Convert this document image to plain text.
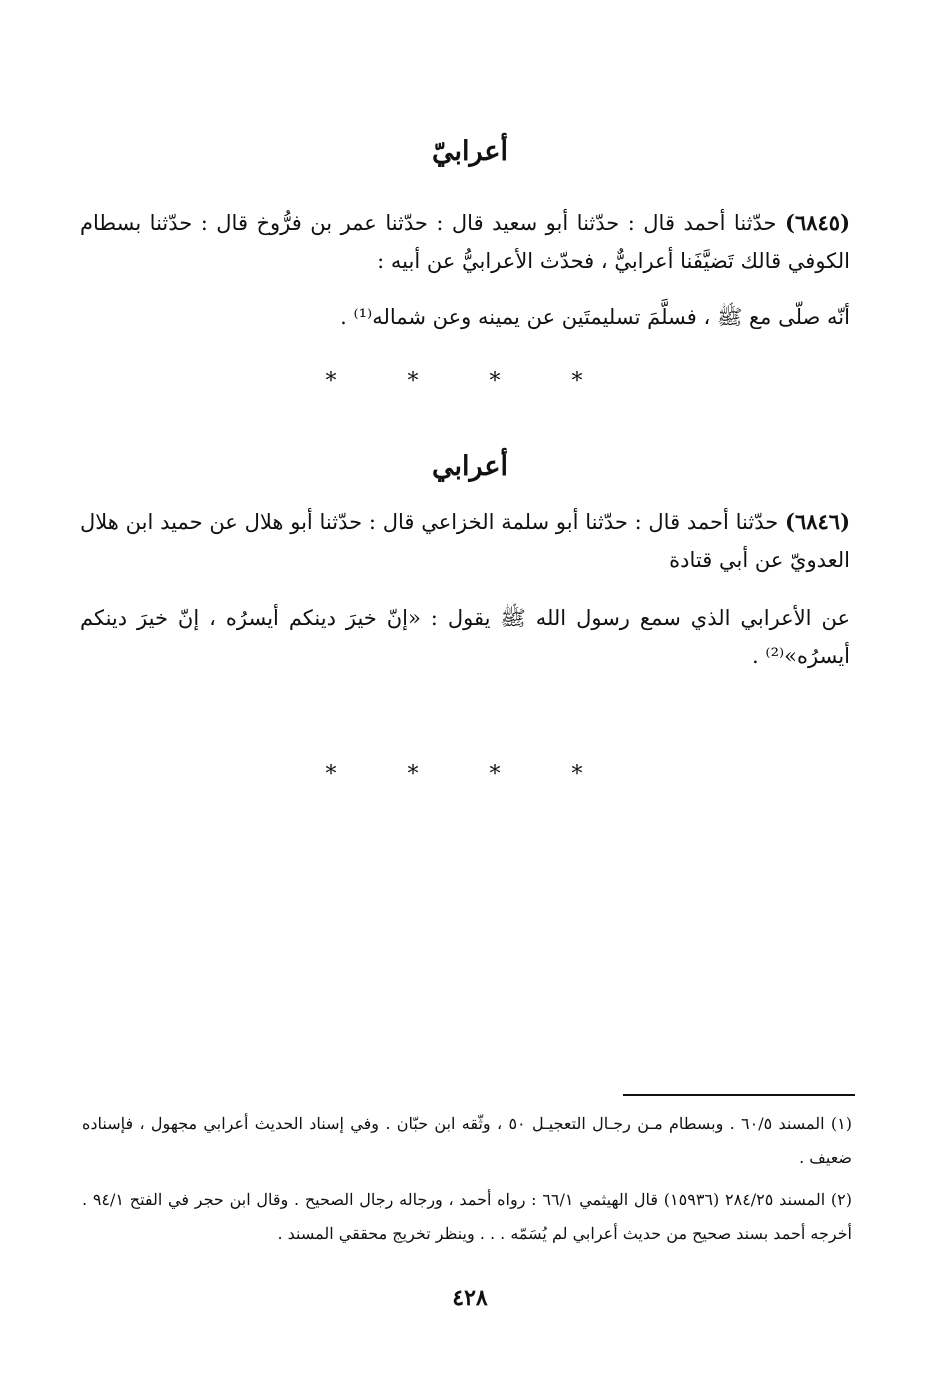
أعرابيّ
(٦٨٤٥) حدّثنا أحمد قال : حدّثنا أبو سعيد قال : حدّثنا عمر بن فرُّوخ قال : حدّثنا بسطام الكوفي قالك تَضيَّفَنا أعرابيٌّ ، فحدّث الأعرابيُّ عن أبيه :
أنّه صلّى مع ﷺ ، فسلَّمَ تسليمتَين عن يمينه وعن شماله⁽¹⁾ .
* * * *
أعرابي
(٦٨٤٦) حدّثنا أحمد قال : حدّثنا أبو سلمة الخزاعي قال : حدّثنا أبو هلال عن حميد ابن هلال العدويّ عن أبي قتادة
عن الأعرابي الذي سمع رسول الله ﷺ يقول : «إنّ خيرَ دينكم أيسرُه ، إنّ خيرَ دينكم أيسرُه»⁽²⁾ .
* * * *
(١) المسند ٦٠/٥ . وبسطام مـن رجـال التعجيـل ٥٠ ، وثّقه ابن حبّان . وفي إسناد الحديث أعرابي مجهول ، فإسناده ضعيف .
(٢) المسند ٢٨٤/٢٥ (١٥٩٣٦) قال الهيثمي ٦٦/١ : رواه أحمد ، ورجاله رجال الصحيح . وقال ابن حجر في الفتح ٩٤/١ . أخرجه أحمد بسند صحيح من حديث أعرابي لم يُسَمّه . . . وينظر تخريج محققي المسند .
٤٢٨
